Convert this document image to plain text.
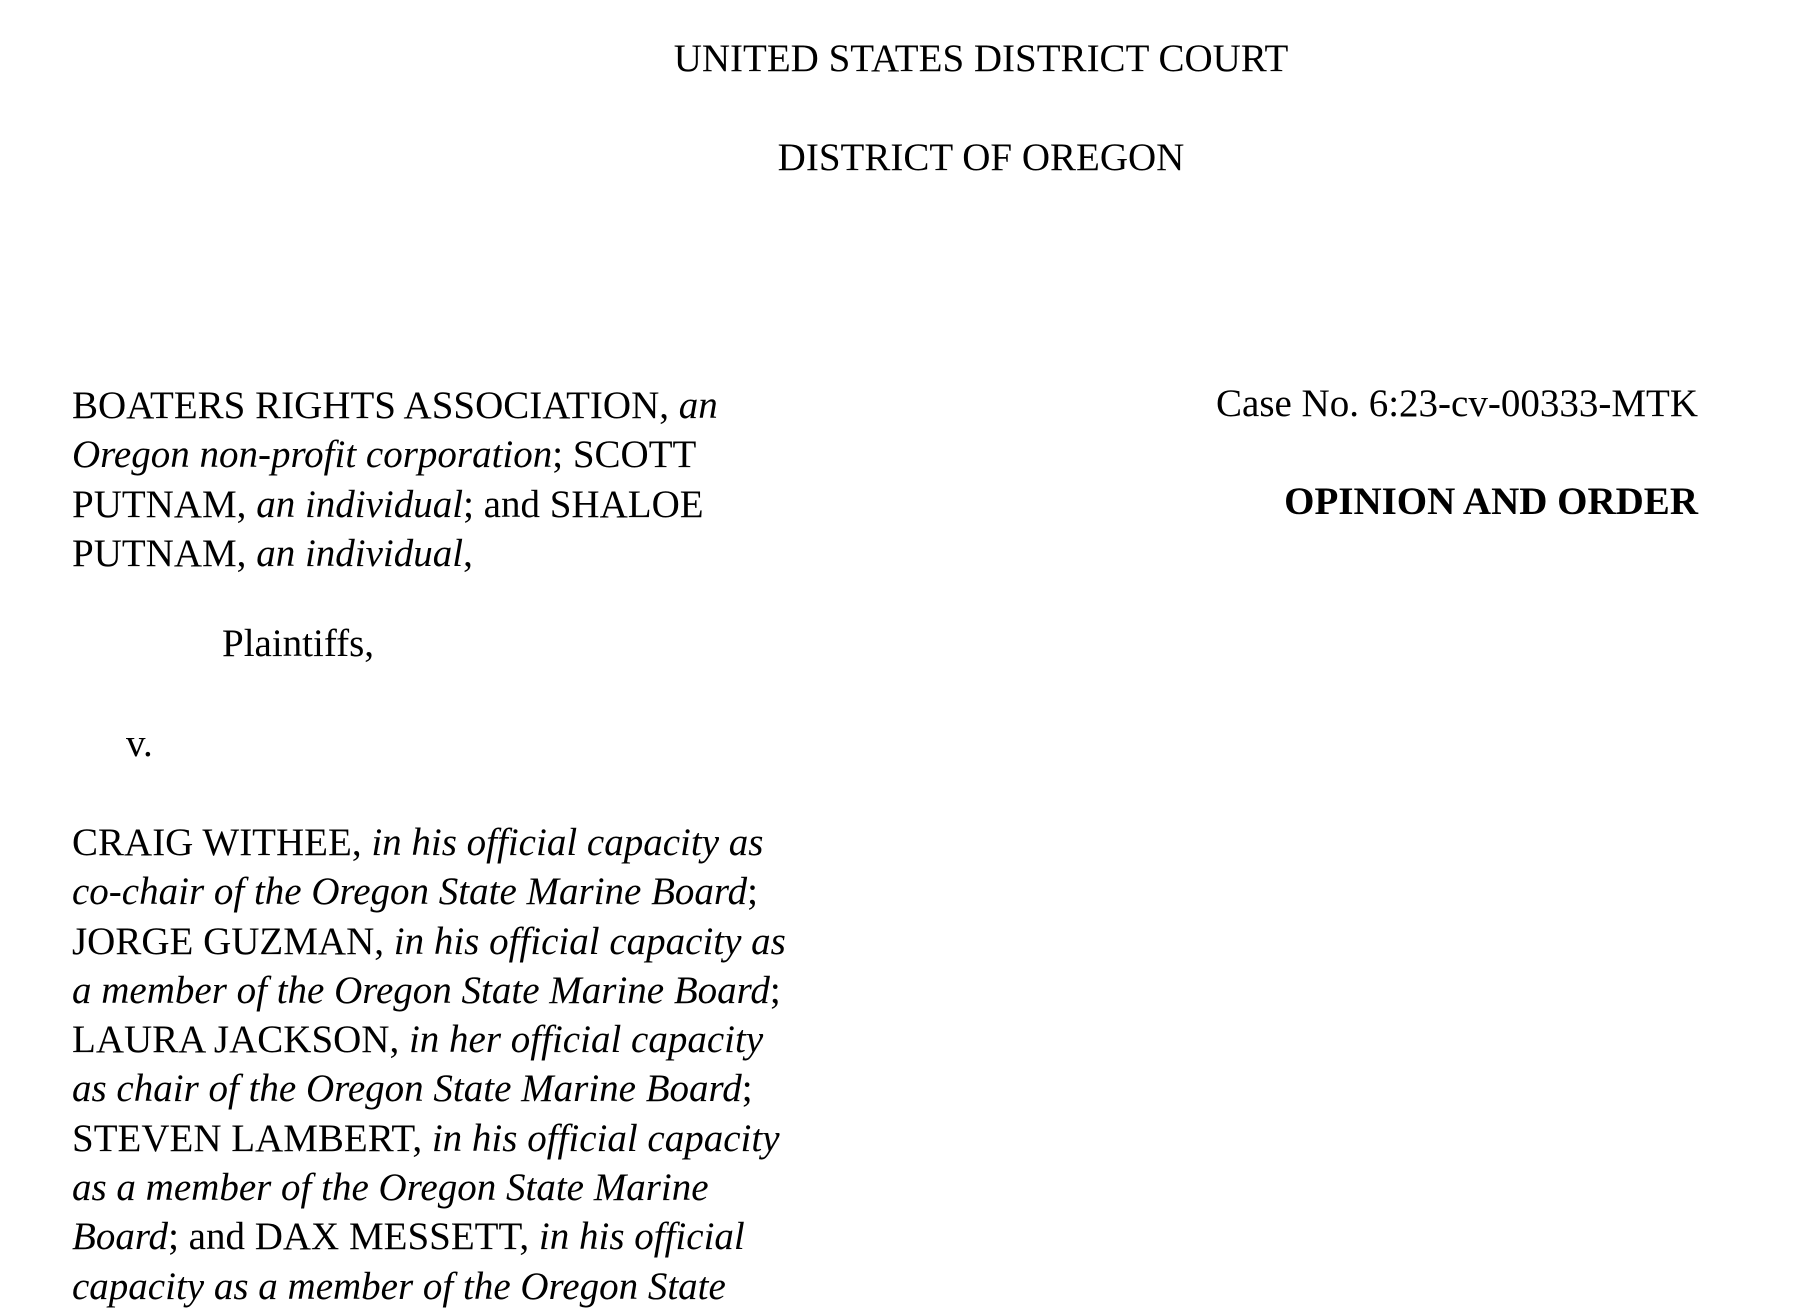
UNITED STATES DISTRICT COURT
DISTRICT OF OREGON
BOATERS RIGHTS ASSOCIATION, an
Oregon non-profit corporation; SCOTT
PUTNAM, an individual; and SHALOE
PUTNAM, an individual,
Plaintiffs,
v.
CRAIG WITHEE, in his official capacity as
co-chair of the Oregon State Marine Board;
JORGE GUZMAN, in his official capacity as
a member of the Oregon State Marine Board;
LAURA JACKSON, in her official capacity
as chair of the Oregon State Marine Board;
STEVEN LAMBERT, in his official capacity
as a member of the Oregon State Marine
Board; and DAX MESSETT, in his official
capacity as a member of the Oregon State
Case No. 6:23-cv-00333-MTK
OPINION AND ORDER
